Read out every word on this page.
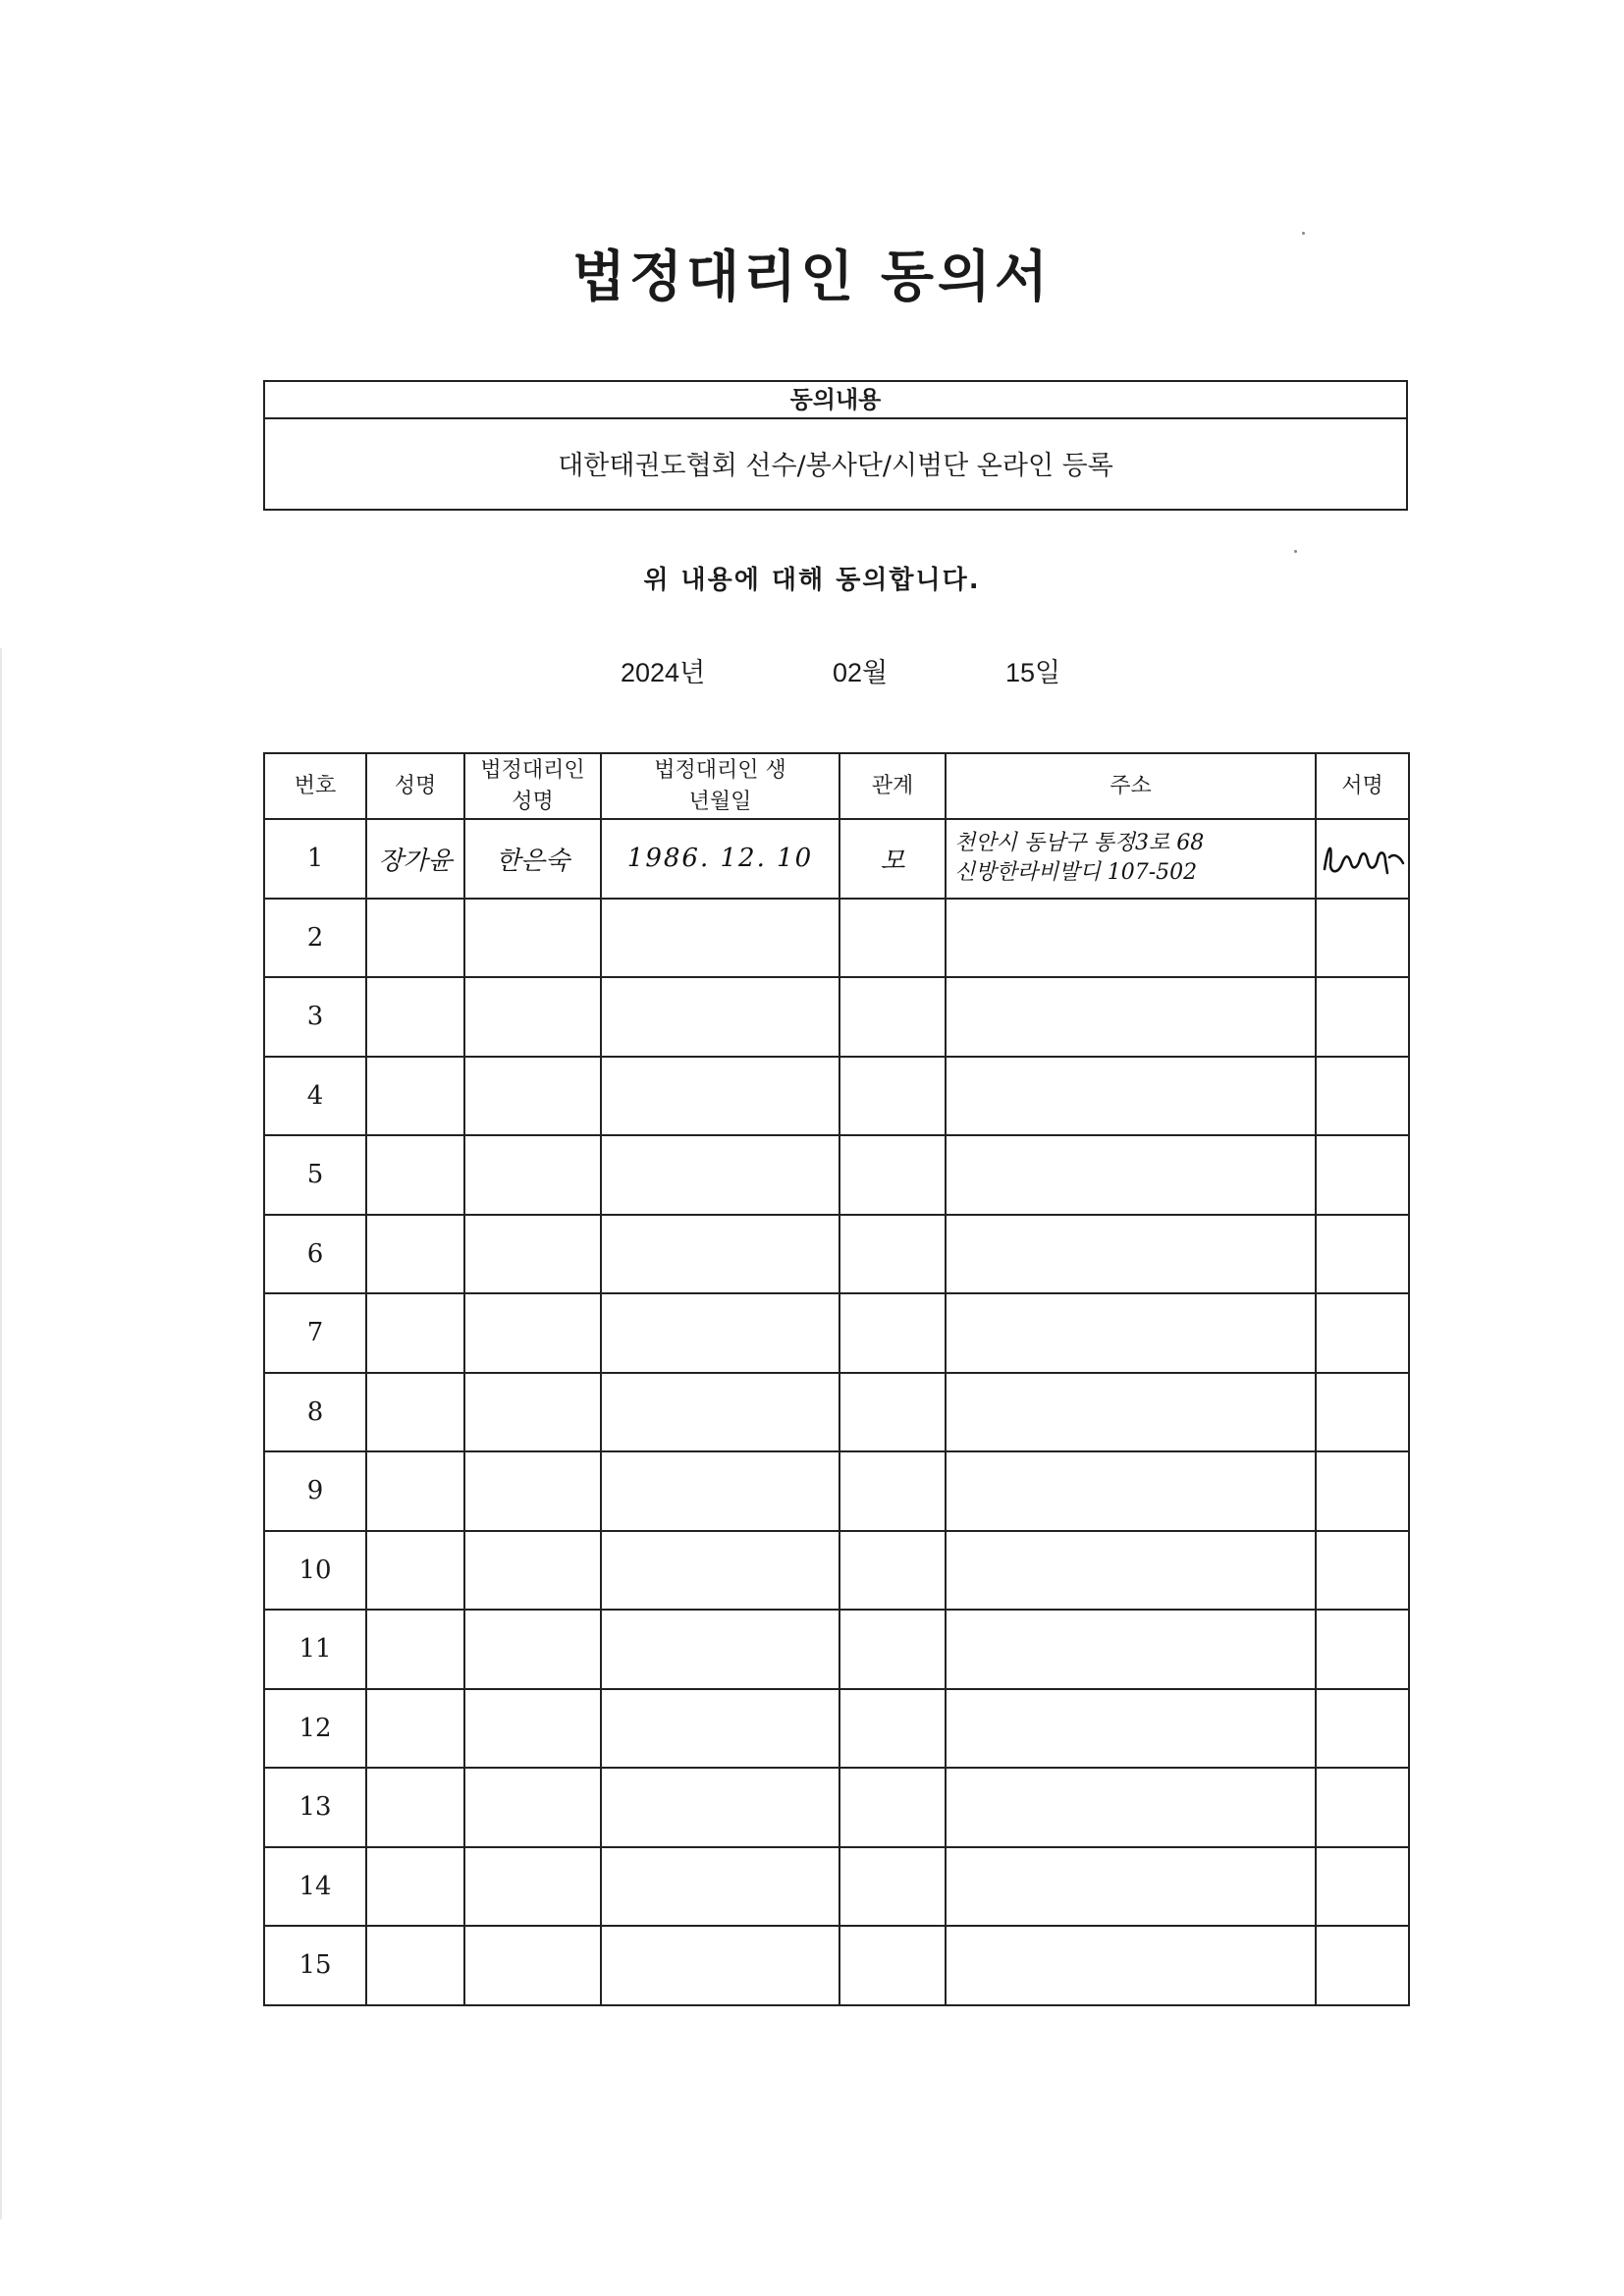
법정대리인 동의서
동의내용
대한태권도협회 선수/봉사단/시범단 온라인 등록
위 내용에 대해 동의합니다.
2024년	02월	15일
번호	성명	법정대리인 성명	법정대리인 생년월일	관계	주소	서명
1	장가윤	한은숙	1986. 12. 10	모	천안시 동남구 통정3로 68
신방한라비발디 107-502

2						
3						
4						
5						
6						
7						
8						
9						
10						
11						
12						
13						
14						
15						
